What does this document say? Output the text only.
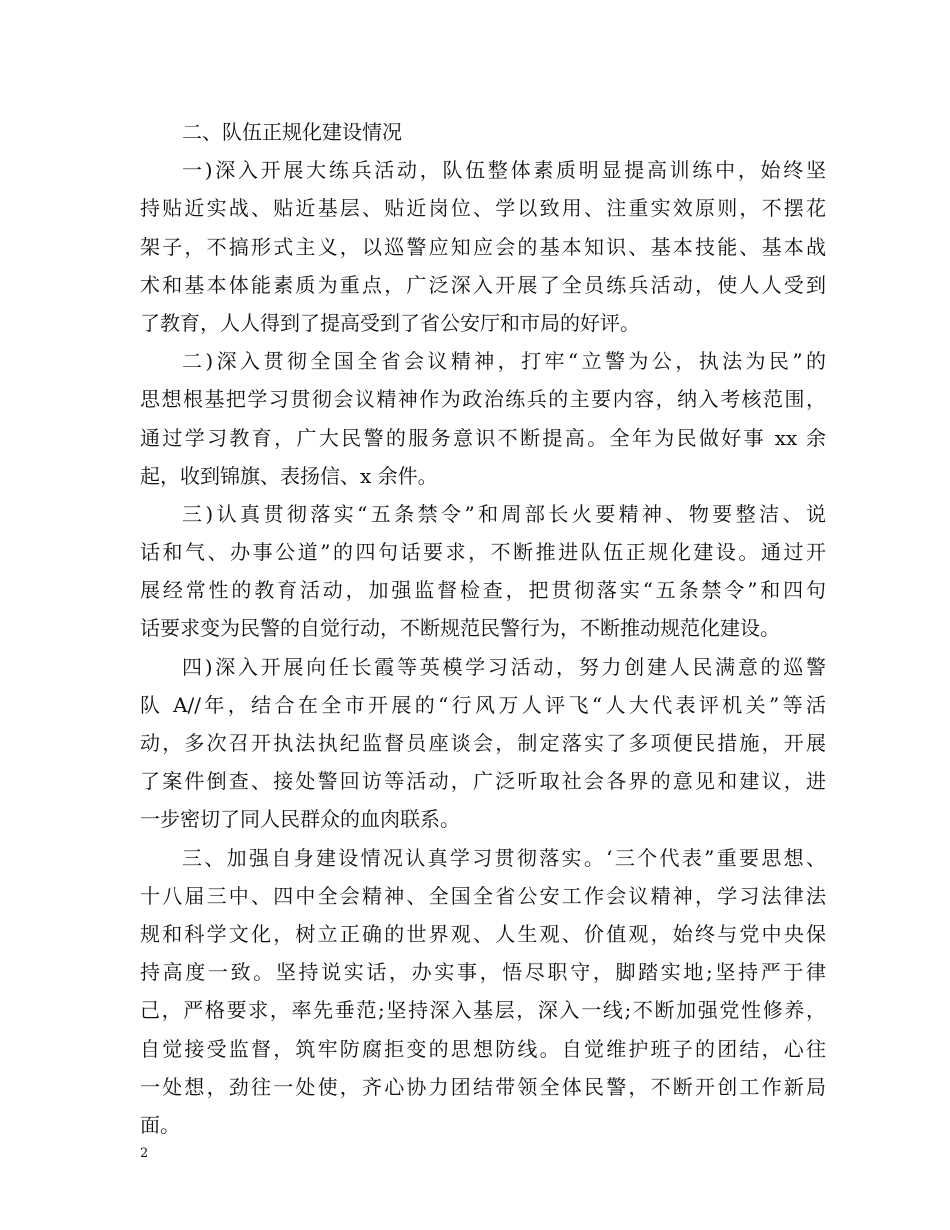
二、队伍正规化建设情况
一)深入开展大练兵活动，队伍整体素质明显提高训练中，始终坚
持贴近实战、贴近基层、贴近岗位、学以致用、注重实效原则，不摆花
架子，不搞形式主义，以巡警应知应会的基本知识、基本技能、基本战
术和基本体能素质为重点，广泛深入开展了全员练兵活动，使人人受到
了教育，人人得到了提高受到了省公安厅和市局的好评。
二)深入贯彻全国全省会议精神，打牢“立警为公，执法为民”的
思想根基把学习贯彻会议精神作为政治练兵的主要内容，纳入考核范围，
通过学习教育，广大民警的服务意识不断提高。全年为民做好事 xx 余
起，收到锦旗、表扬信、x 余件。
三)认真贯彻落实“五条禁令”和周部长火要精神、物要整洁、说
话和气、办事公道”的四句话要求，不断推进队伍正规化建设。通过开
展经常性的教育活动，加强监督检查，把贯彻落实“五条禁令”和四句
话要求变为民警的自觉行动，不断规范民警行为，不断推动规范化建设。
四)深入开展向任长霞等英模学习活动，努力创建人民满意的巡警
队 A//年，结合在全市开展的“行风万人评飞“人大代表评机关”等活
动，多次召开执法执纪监督员座谈会，制定落实了多项便民措施，开展
了案件倒查、接处警回访等活动，广泛听取社会各界的意见和建议，进
一步密切了同人民群众的血肉联系。
三、加强自身建设情况认真学习贯彻落实。‘三个代表”重要思想、
十八届三中、四中全会精神、全国全省公安工作会议精神，学习法律法
规和科学文化，树立正确的世界观、人生观、价值观，始终与党中央保
持高度一致。坚持说实话，办实事，悟尽职守，脚踏实地;坚持严于律
己，严格要求，率先垂范;坚持深入基层，深入一线;不断加强党性修养，
自觉接受监督，筑牢防腐拒变的思想防线。自觉维护班子的团结，心往
一处想，劲往一处使，齐心协力团结带领全体民警，不断开创工作新局
面。
2
